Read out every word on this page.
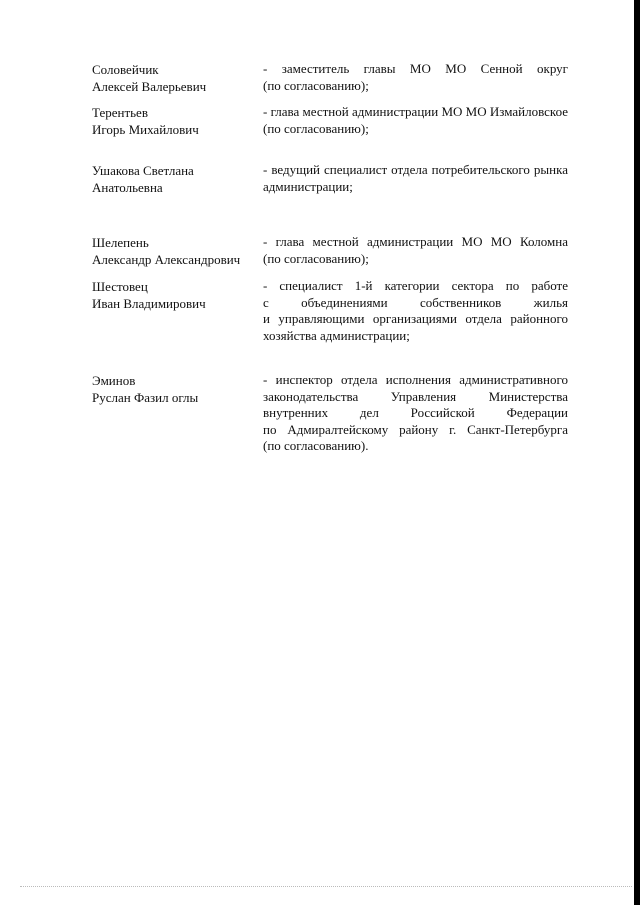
Соловейчик
Алексей Валерьевич
- заместитель главы МО МО Сенной округ
(по согласованию);
Терентьев
Игорь Михайлович
- глава местной администрации МО МО Измайловское
(по согласованию);
Ушакова Светлана
Анатольевна
- ведущий специалист отдела потребительского рынка
администрации;
Шелепень
Александр Александрович
- глава местной администрации МО МО Коломна
(по согласованию);
Шестовец
Иван Владимирович
- специалист 1-й категории сектора по работе
с объединениями собственников жилья
и управляющими организациями отдела районного
хозяйства администрации;
Эминов
Руслан Фазил оглы
- инспектор отдела исполнения административного
законодательства Управления Министерства
внутренних дел Российской Федерации
по Адмиралтейскому району г. Санкт-Петербурга
(по согласованию).
